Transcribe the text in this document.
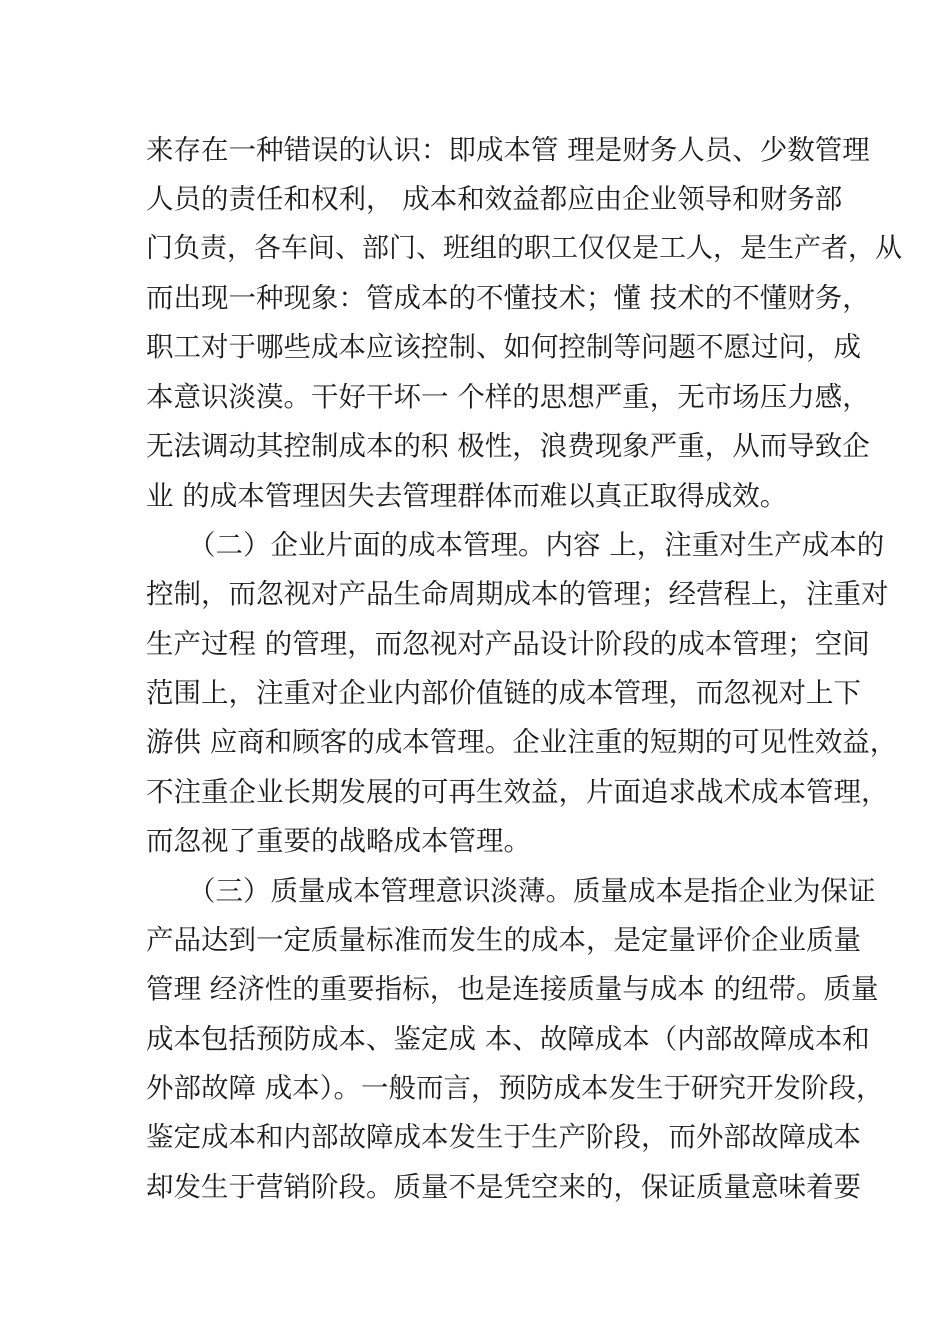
来存在一种错误的认识：即成本管 理是财务人员、少数管理
人员的责任和权利， 成本和效益都应由企业领导和财务部
门负责，各车间、部门、班组的职工仅仅是工人，是生产者，从
而出现一种现象：管成本的不懂技术；懂 技术的不懂财务，
职工对于哪些成本应该控制、如何控制等问题不愿过问，成
本意识淡漠。干好干坏一 个样的思想严重，无市场压力感，
无法调动其控制成本的积 极性，浪费现象严重，从而导致企
业 的成本管理因失去管理群体而难以真正取得成效。
（二）企业片面的成本管理。内容 上，注重对生产成本的
控制，而忽视对产品生命周期成本的管理；经营程上，注重对
生产过程 的管理，而忽视对产品设计阶段的成本管理；空间
范围上，注重对企业内部价值链的成本管理，而忽视对上下
游供 应商和顾客的成本管理。企业注重的短期的可见性效益，
不注重企业长期发展的可再生效益，片面追求战术成本管理，
而忽视了重要的战略成本管理。
（三）质量成本管理意识淡薄。质量成本是指企业为保证
产品达到一定质量标准而发生的成本，是定量评价企业质量
管理 经济性的重要指标，也是连接质量与成本 的纽带。质量
成本包括预防成本、鉴定成 本、故障成本（内部故障成本和
外部故障 成本）。一般而言，预防成本发生于研究开发阶段，
鉴定成本和内部故障成本发生于生产阶段，而外部故障成本
却发生于营销阶段。质量不是凭空来的，保证质量意味着要
